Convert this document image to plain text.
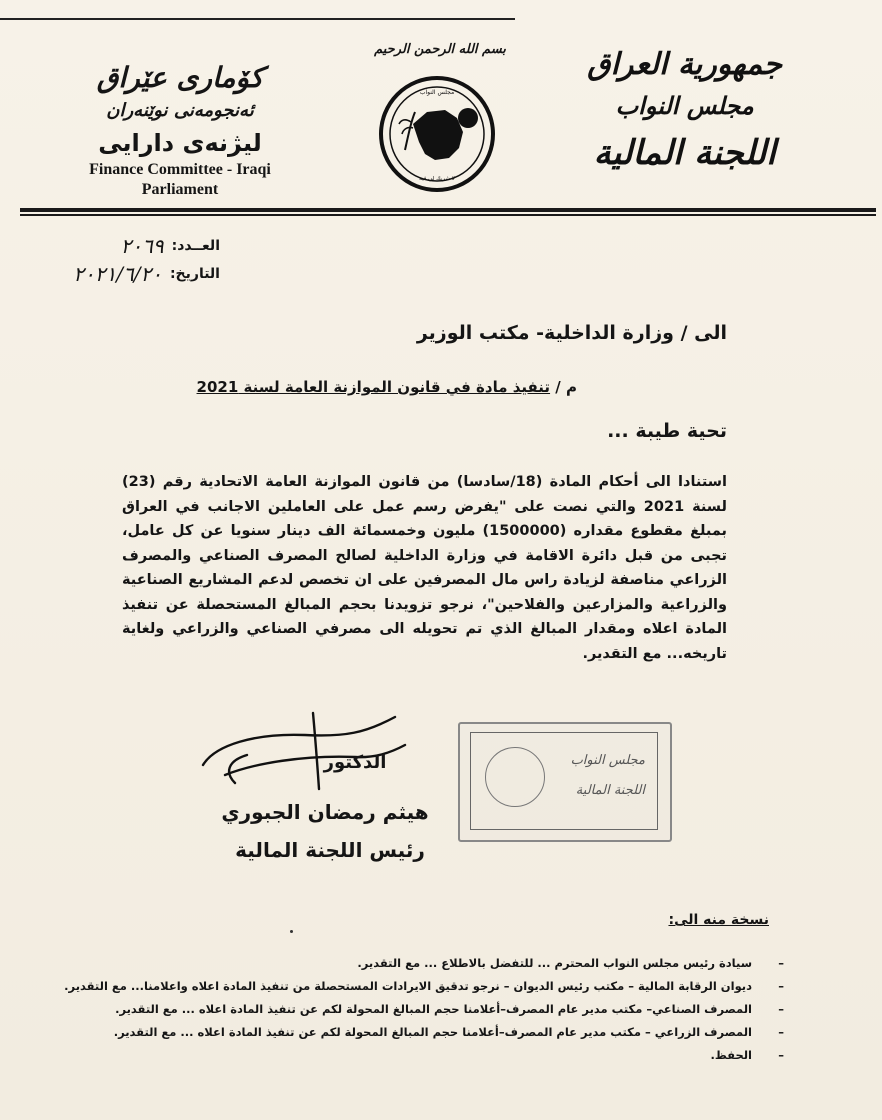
جمهورية العراق
مجلس النواب
اللجنة المالية
كۆماری عێراق
ئه‌نجومه‌نی نوێنه‌ران
لیژنه‌ی دارایی
Finance Committee - Iraqi
Parliament
بسم الله الرحمن الرحيم
مجلس النواب
لا شريك لي فيه
العــدد:
٢٠٦٩
التاريخ:
٢٠٢١/٦/٢٠
الى / وزارة الداخلية- مكتب الوزير
م / تنفيذ مادة في قانون الموازنة العامة لسنة 2021
تحية طيبة ...
استنادا الى أحكام المادة (18/سادسا) من قانون الموازنة العامة الاتحادية رقم (23) لسنة 2021 والتي نصت على "يفرض رسم عمل على العاملين الاجانب في العراق بمبلغ مقطوع مقداره (1500000) مليون وخمسمائة الف دينار سنويا عن كل عامل، تجبى من قبل دائرة الاقامة في وزارة الداخلية لصالح المصرف الصناعي والمصرف الزراعي مناصفة لزيادة راس مال المصرفين على ان تخصص لدعم المشاريع الصناعية والزراعية والمزارعين والفلاحين"، نرجو تزويدنا بحجم المبالغ المستحصلة عن تنفيذ المادة اعلاه ومقدار المبالغ الذي تم تحويله الى مصرفي الصناعي والزراعي ولغاية تاريخه... مع التقدير.
الدكتور
هيثم رمضان الجبوري
رئيس اللجنة المالية
مجلس النواب
اللجنة المالية
نسخة منه الى:
– سيادة رئيس مجلس النواب المحترم ... للتفضل بالاطلاع ... مع التقدير.
– ديوان الرقابة المالية – مكتب رئيس الديوان – نرجو تدقيق الايرادات المستحصلة من تنفيذ المادة اعلاه واعلامنا... مع التقدير.
– المصرف الصناعي– مكتب مدير عام المصرف–أعلامنا حجم المبالغ المحولة لكم عن تنفيذ المادة اعلاه ... مع التقدير.
– المصرف الزراعي – مكتب مدير عام المصرف–أعلامنا حجم المبالغ المحولة لكم عن تنفيذ المادة اعلاه ... مع التقدير.
– الحفظ.
